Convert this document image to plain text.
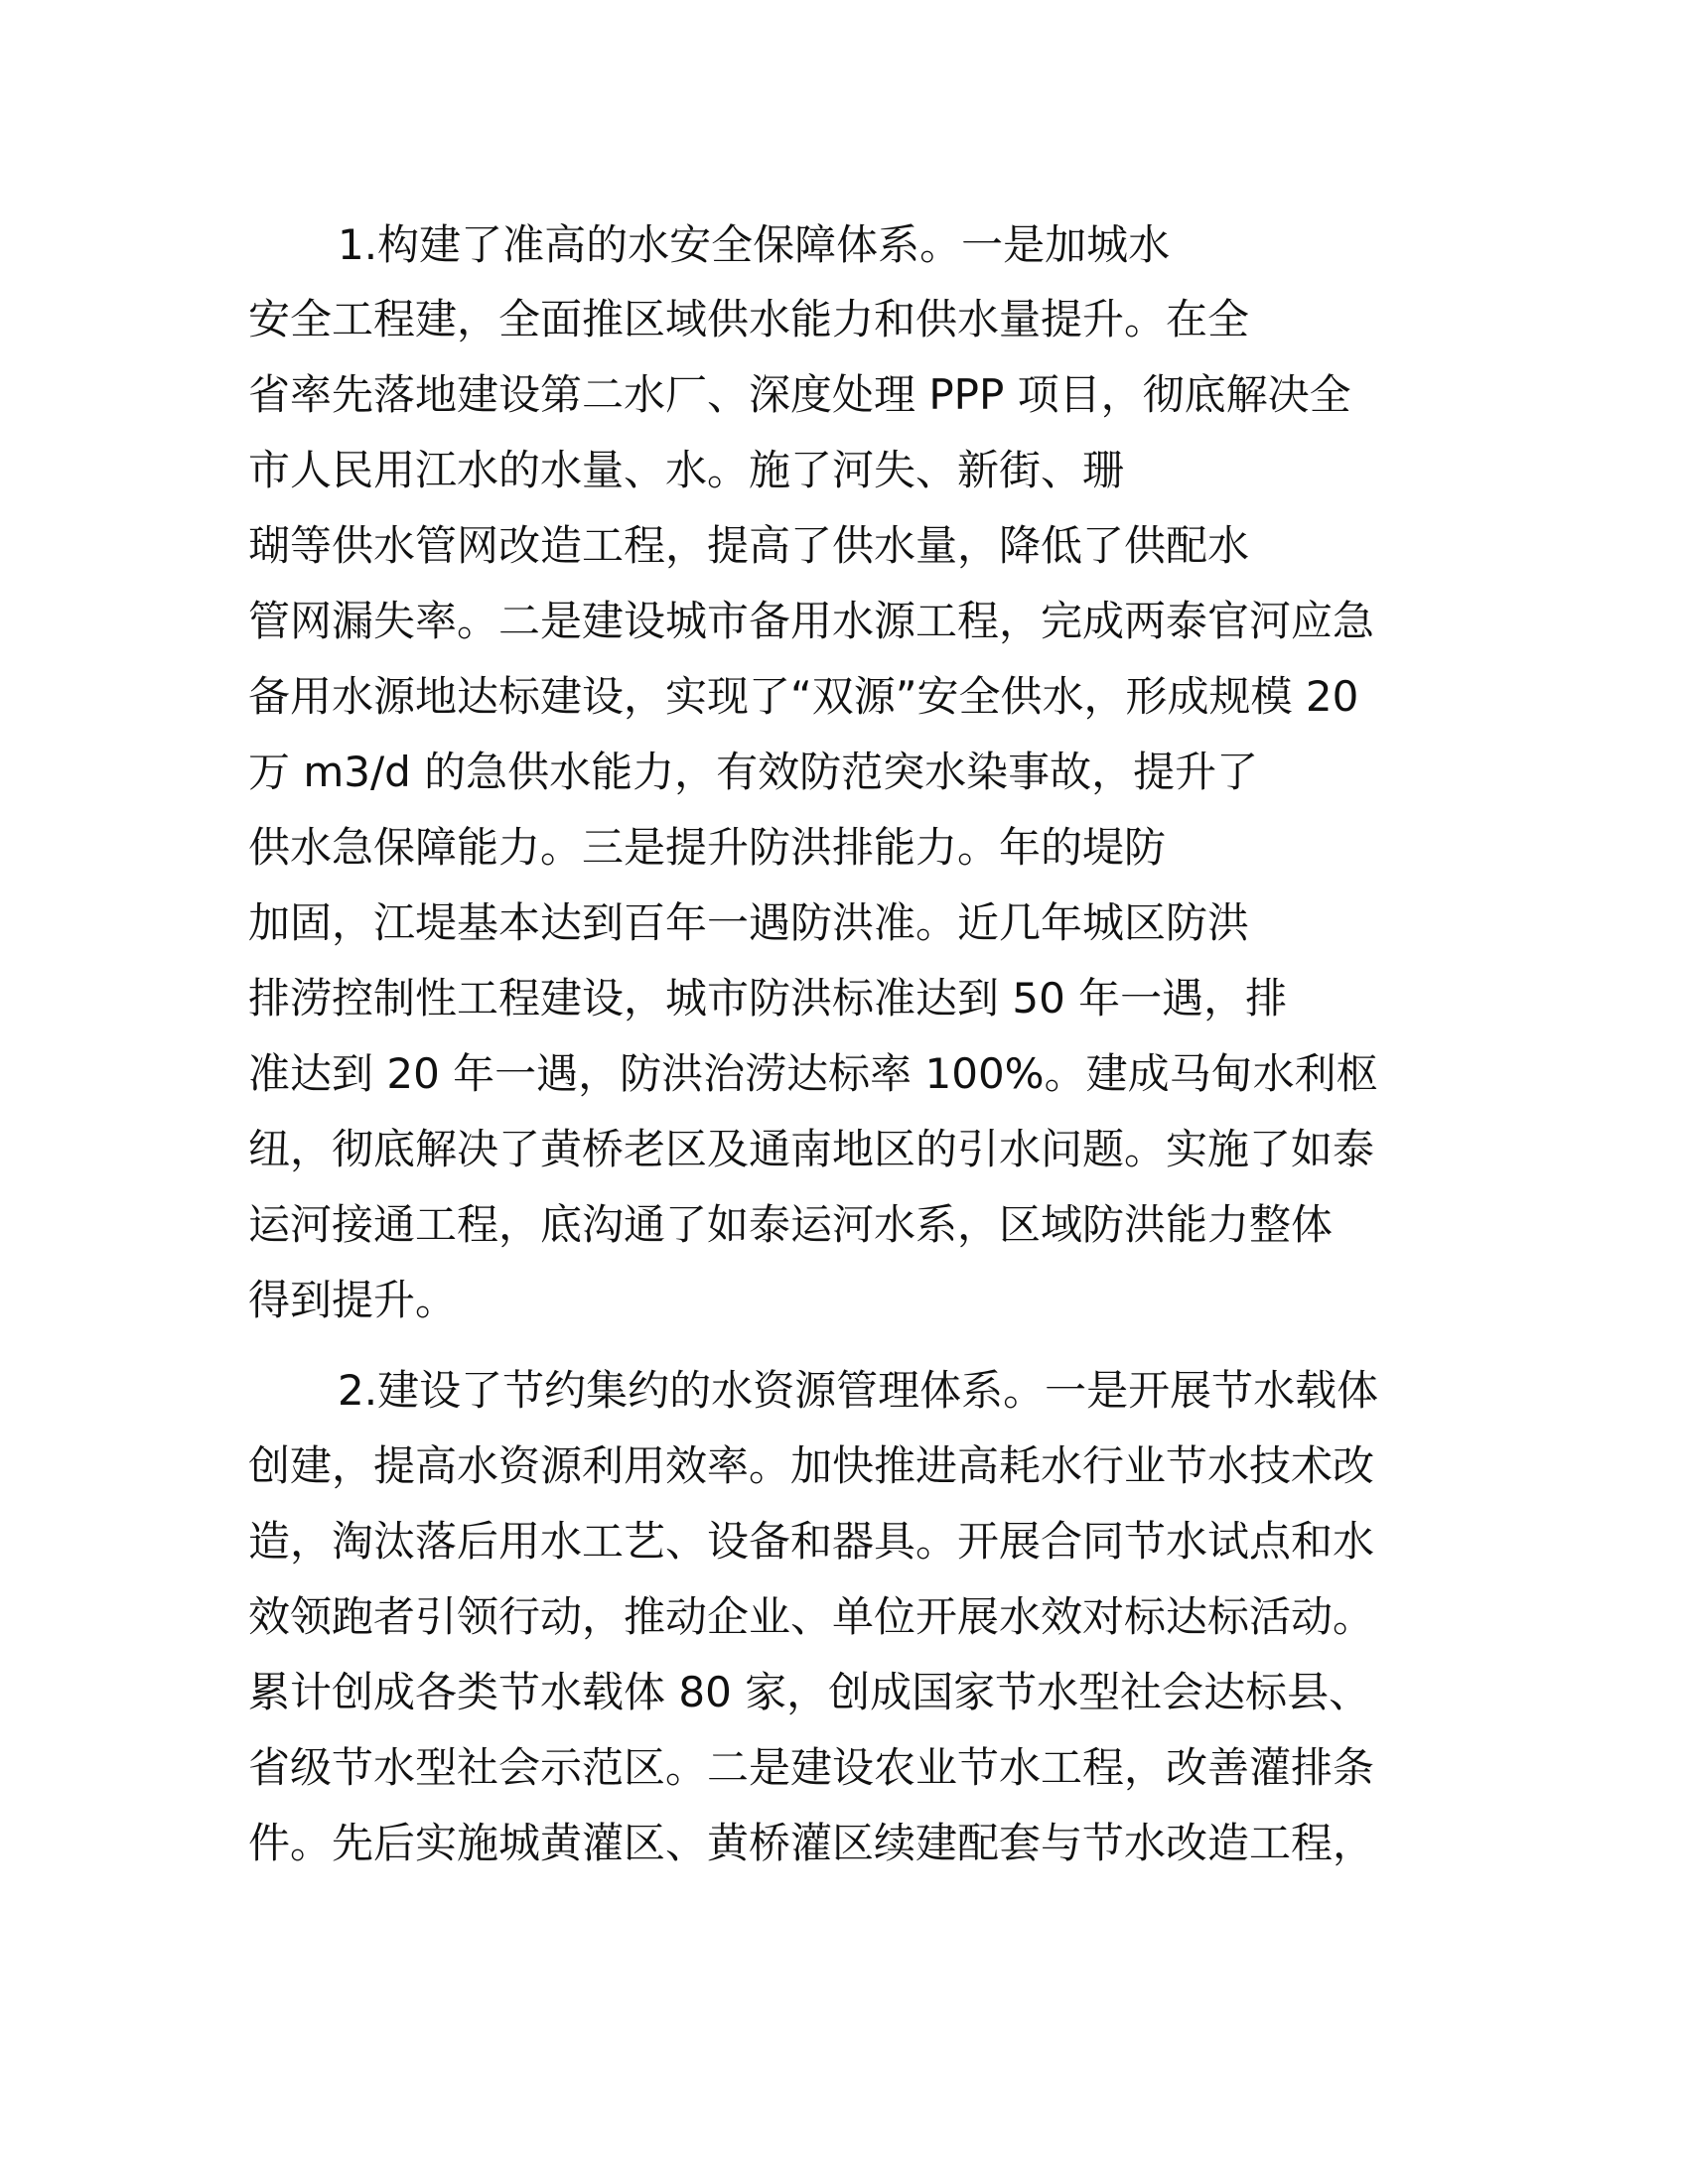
1.构建了准高的水安全保障体系。一是加城水
安全工程建，全面推区域供水能力和供水量提升。在全
省率先落地建设第二水厂、深度处理 PPP 项目，彻底解决全
市人民用江水的水量、水。施了河失、新街、珊
瑚等供水管网改造工程，提高了供水量，降低了供配水
管网漏失率。二是建设城市备用水源工程，完成两泰官河应急
备用水源地达标建设，实现了“双源”安全供水，形成规模 20
万 m3/d 的急供水能力，有效防范突水染事故，提升了
供水急保障能力。三是提升防洪排能力。年的堤防
加固，江堤基本达到百年一遇防洪准。近几年城区防洪
排涝控制性工程建设，城市防洪标准达到 50 年一遇，排
准达到 20 年一遇，防洪治涝达标率 100%。建成马甸水利枢
纽，彻底解决了黄桥老区及通南地区的引水问题。实施了如泰
运河接通工程，底沟通了如泰运河水系，区域防洪能力整体
得到提升。
2.建设了节约集约的水资源管理体系。一是开展节水载体
创建，提高水资源利用效率。加快推进高耗水行业节水技术改
造，淘汰落后用水工艺、设备和器具。开展合同节水试点和水
效领跑者引领行动，推动企业、单位开展水效对标达标活动。
累计创成各类节水载体 80 家，创成国家节水型社会达标县、
省级节水型社会示范区。二是建设农业节水工程，改善灌排条
件。先后实施城黄灌区、黄桥灌区续建配套与节水改造工程，
